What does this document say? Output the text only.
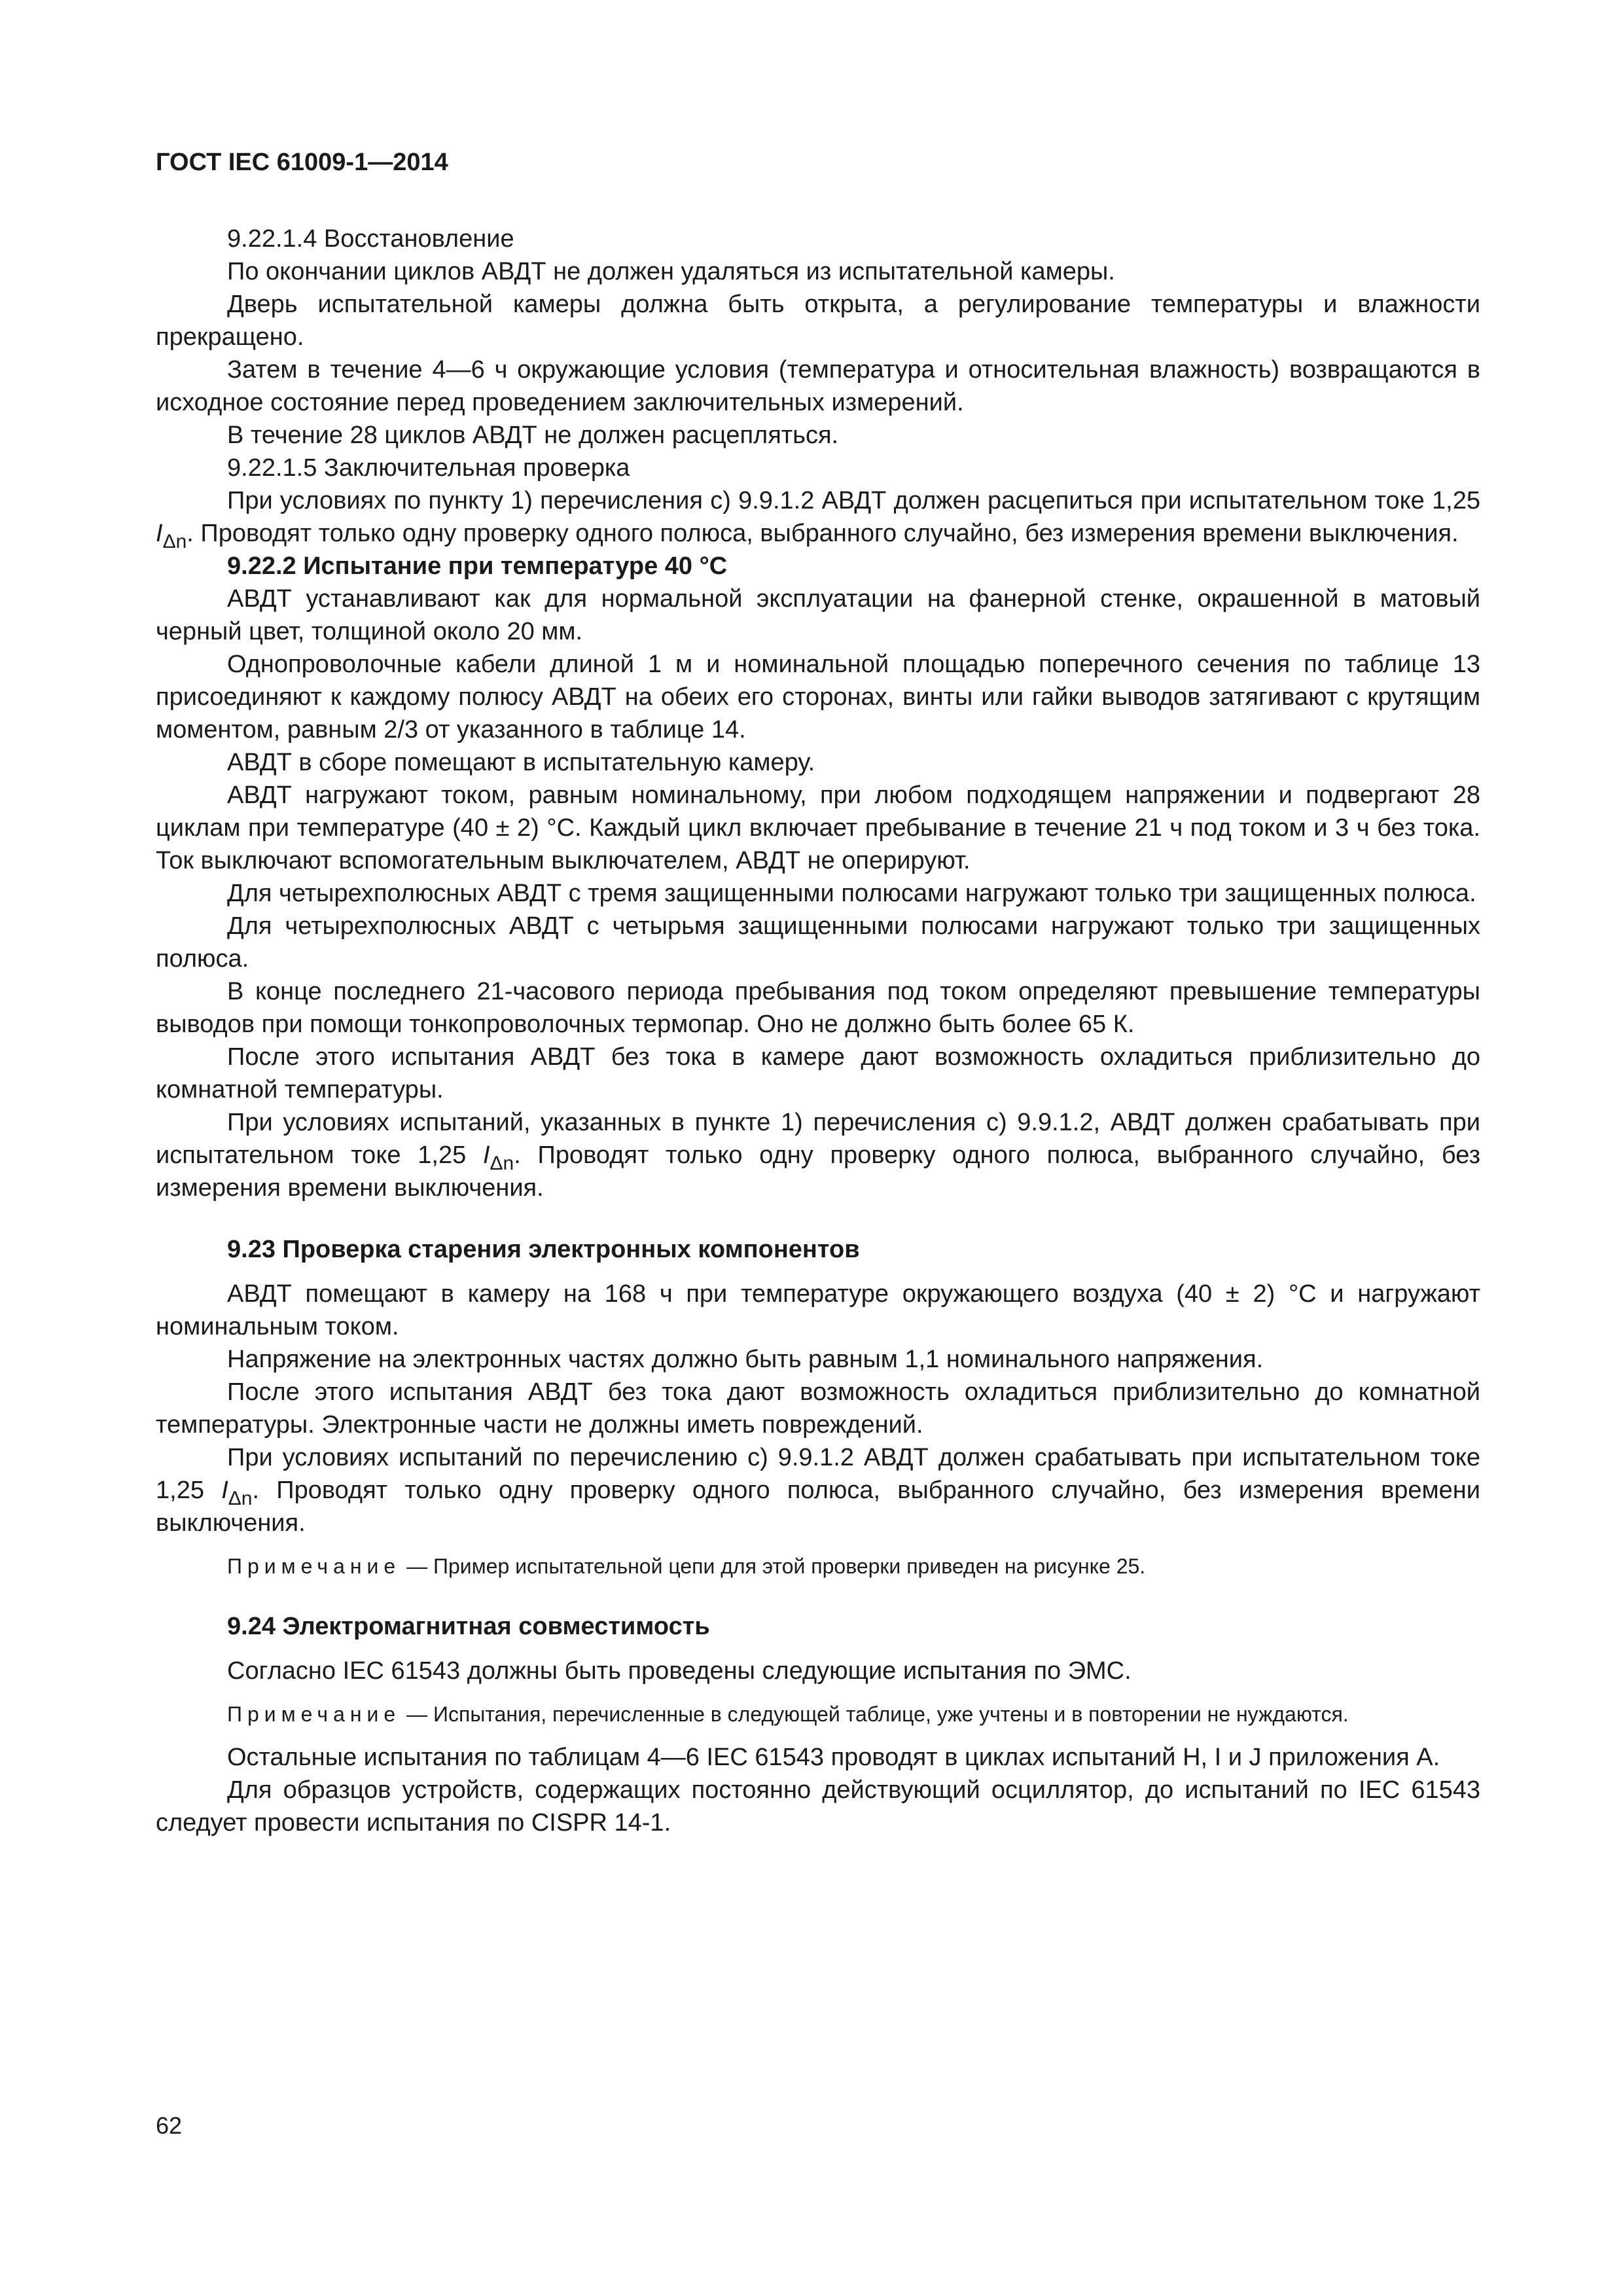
ГОСТ IEC 61009-1—2014

9.22.1.4 Восстановление

По окончании циклов АВДТ не должен удаляться из испытательной камеры.

Дверь испытательной камеры должна быть открыта, а регулирование температуры и влажности прекращено.

Затем в течение 4—6 ч окружающие условия (температура и относительная влажность) возвращаются в исходное состояние перед проведением заключительных измерений.

В течение 28 циклов АВДТ не должен расцепляться.

9.22.1.5 Заключительная проверка

При условиях по пункту 1) перечисления с) 9.9.1.2 АВДТ должен расцепиться при испытательном токе 1,25 $I_{\Delta n}$. Проводят только одну проверку одного полюса, выбранного случайно, без измерения времени выключения.

9.22.2 Испытание при температуре 40 °С

АВДТ устанавливают как для нормальной эксплуатации на фанерной стенке, окрашенной в матовый черный цвет, толщиной около 20 мм.

Однопроволочные кабели длиной 1 м и номинальной площадью поперечного сечения по таблице 13 присоединяют к каждому полюсу АВДТ на обеих его сторонах, винты или гайки выводов затягивают с крутящим моментом, равным 2/3 от указанного в таблице 14.

АВДТ в сборе помещают в испытательную камеру.

АВДТ нагружают током, равным номинальному, при любом подходящем напряжении и подвергают 28 циклам при температуре (40 ± 2) °С. Каждый цикл включает пребывание в течение 21 ч под током и 3 ч без тока. Ток выключают вспомогательным выключателем, АВДТ не оперируют.

Для четырехполюсных АВДТ с тремя защищенными полюсами нагружают только три защищенных полюса.

Для четырехполюсных АВДТ с четырьмя защищенными полюсами нагружают только три защищенных полюса.

В конце последнего 21-часового периода пребывания под током определяют превышение температуры выводов при помощи тонкопроволочных термопар. Оно не должно быть более 65 К.

После этого испытания АВДТ без тока в камере дают возможность охладиться приблизительно до комнатной температуры.

При условиях испытаний, указанных в пункте 1) перечисления с) 9.9.1.2, АВДТ должен срабатывать при испытательном токе 1,25 $I_{\Delta n}$. Проводят только одну проверку одного полюса, выбранного случайно, без измерения времени выключения.

9.23 Проверка старения электронных компонентов

АВДТ помещают в камеру на 168 ч при температуре окружающего воздуха (40 ± 2) °С и нагружают номинальным током.

Напряжение на электронных частях должно быть равным 1,1 номинального напряжения.

После этого испытания АВДТ без тока дают возможность охладиться приблизительно до комнатной температуры. Электронные части не должны иметь повреждений.

При условиях испытаний по перечислению с) 9.9.1.2 АВДТ должен срабатывать при испытательном токе 1,25 $I_{\Delta n}$. Проводят только одну проверку одного полюса, выбранного случайно, без измерения времени выключения.

Примечание — Пример испытательной цепи для этой проверки приведен на рисунке 25.

9.24 Электромагнитная совместимость

Согласно IEC 61543 должны быть проведены следующие испытания по ЭМС.

Примечание — Испытания, перечисленные в следующей таблице, уже учтены и в повторении не нуждаются.

Остальные испытания по таблицам 4—6 IEC 61543 проводят в циклах испытаний H, I и J приложения А.

Для образцов устройств, содержащих постоянно действующий осциллятор, до испытаний по IEC 61543 следует провести испытания по CISPR 14-1.

62
